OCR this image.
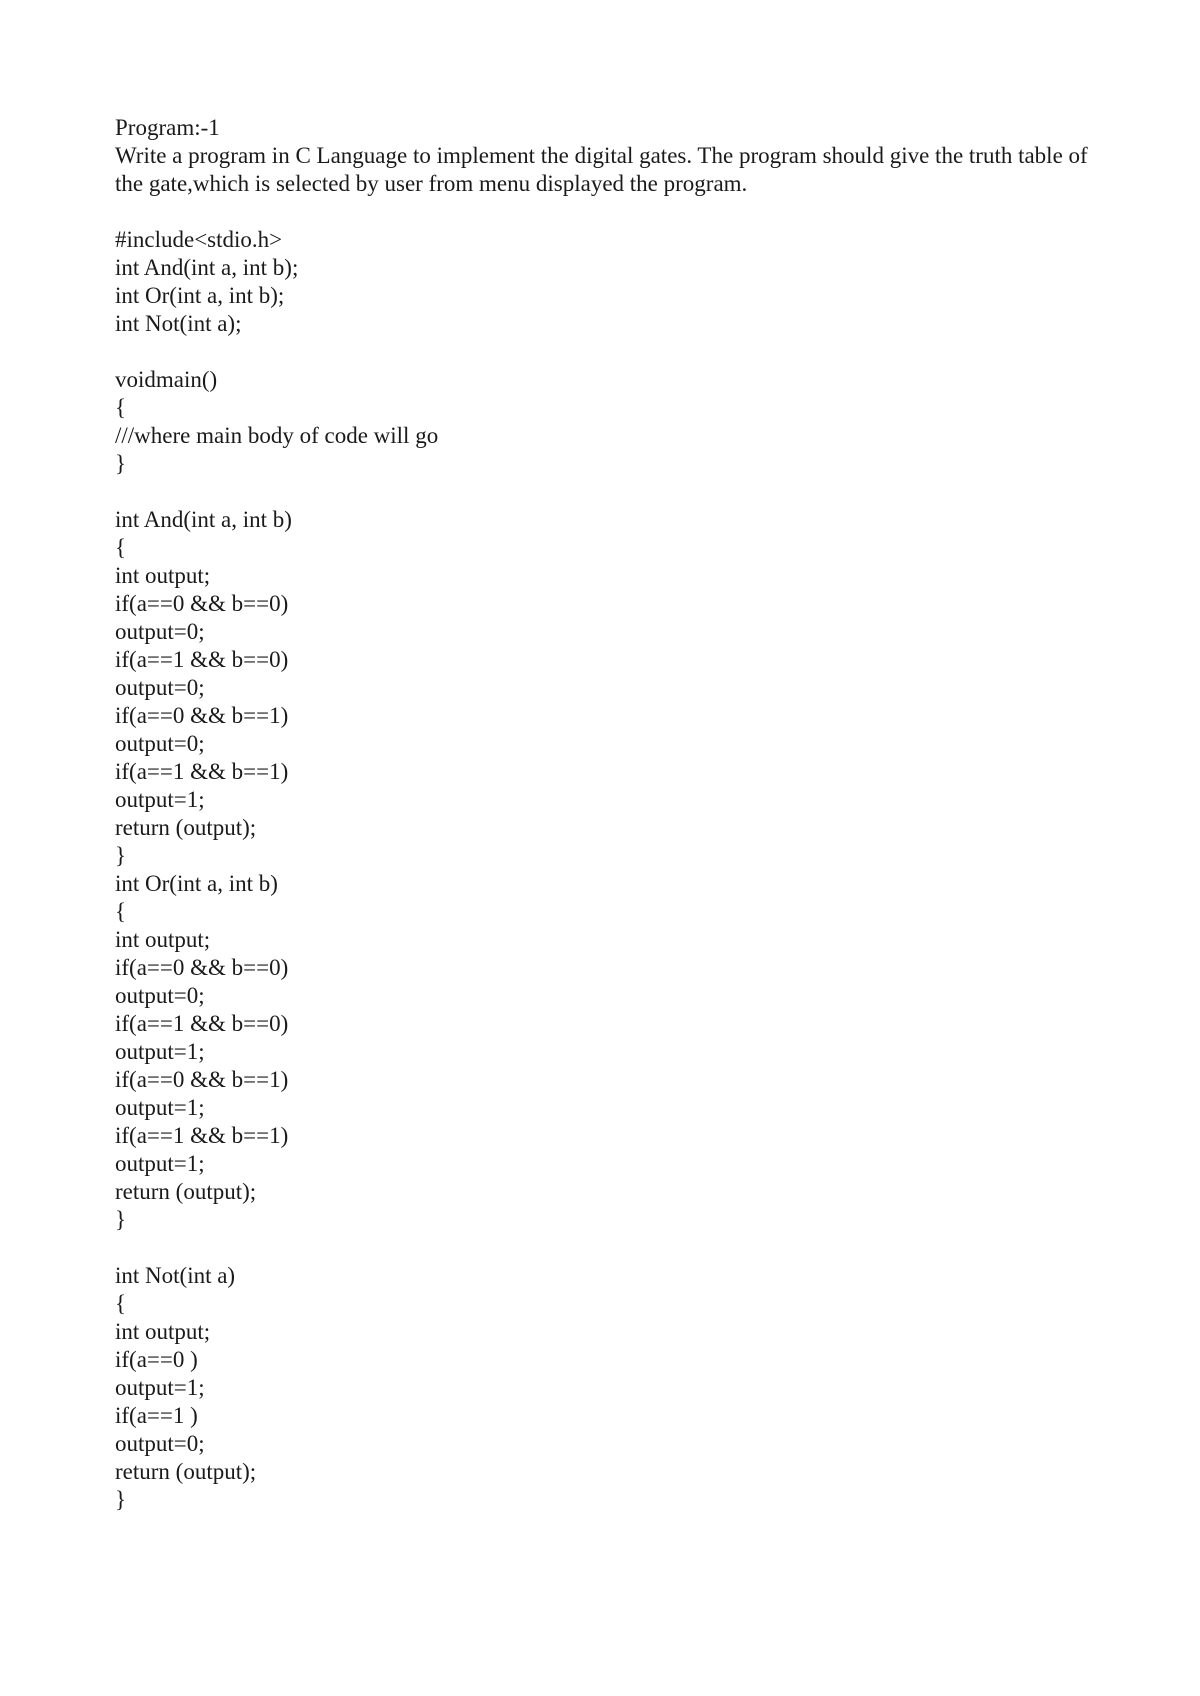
Program:-1
Write a program in C Language to implement the digital gates. The program should give the truth table of the gate,which is selected by user from menu displayed the program.
#include<stdio.h>
int And(int a, int b);
int Or(int a, int b);
int Not(int a);
voidmain()
{
///where main body of code will go
}
int And(int a, int b)
{
int output;
if(a==0 && b==0)
output=0;
if(a==1 && b==0)
output=0;
if(a==0 && b==1)
output=0;
if(a==1 && b==1)
output=1;
return (output);
}
int Or(int a, int b)
{
int output;
if(a==0 && b==0)
output=0;
if(a==1 && b==0)
output=1;
if(a==0 && b==1)
output=1;
if(a==1 && b==1)
output=1;
return (output);
}
int Not(int a)
{
int output;
if(a==0 )
output=1;
if(a==1 )
output=0;
return (output);
}
